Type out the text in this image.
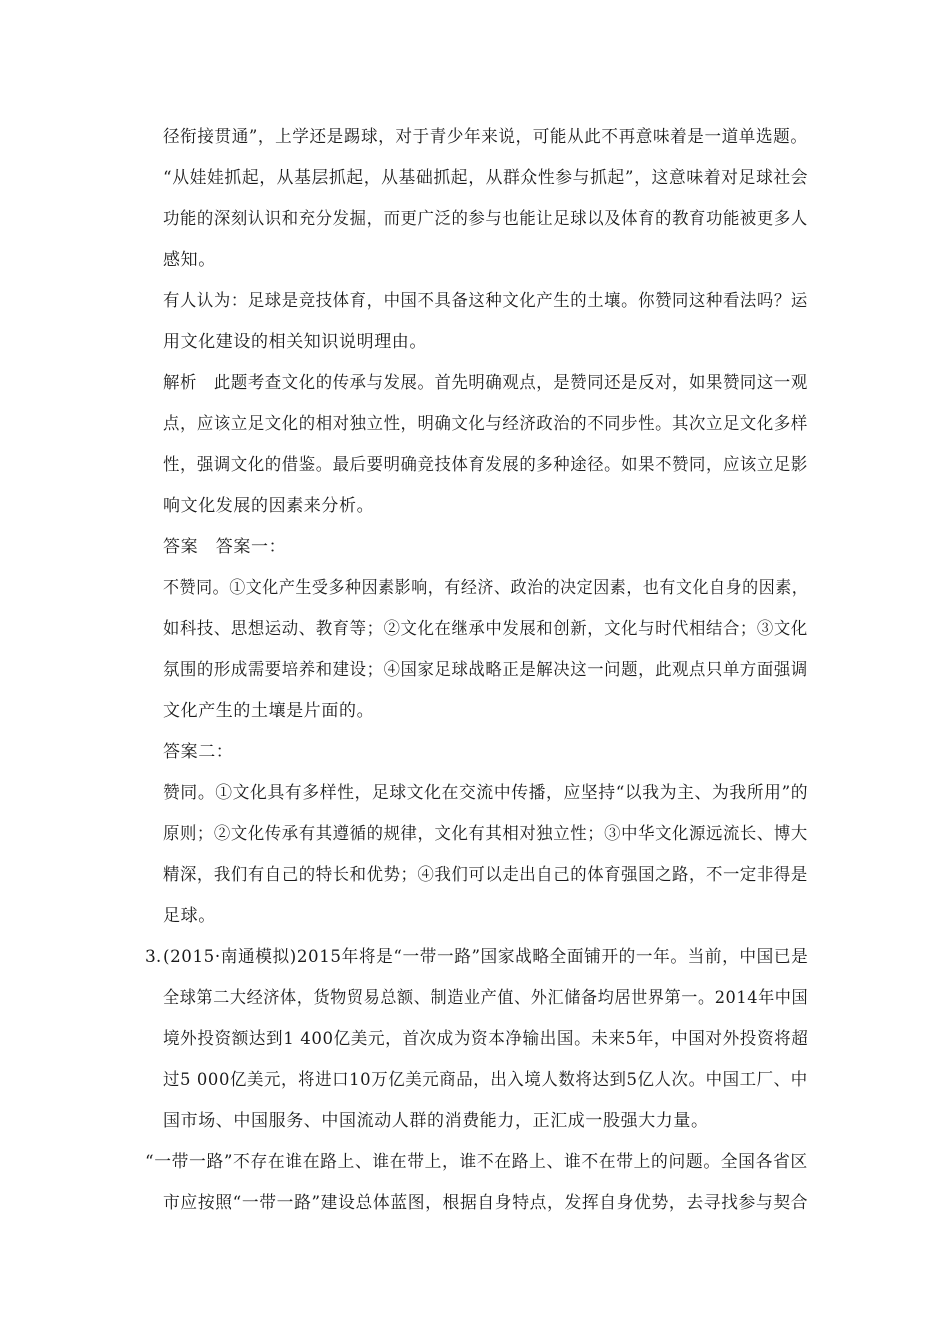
径衔接贯通”，上学还是踢球，对于青少年来说，可能从此不再意味着是一道单选题。
“从娃娃抓起，从基层抓起，从基础抓起，从群众性参与抓起”，这意味着对足球社会
功能的深刻认识和充分发掘，而更广泛的参与也能让足球以及体育的教育功能被更多人
感知。
有人认为：足球是竞技体育，中国不具备这种文化产生的土壤。你赞同这种看法吗？运
用文化建设的相关知识说明理由。
解析　此题考查文化的传承与发展。首先明确观点，是赞同还是反对，如果赞同这一观
点，应该立足文化的相对独立性，明确文化与经济政治的不同步性。其次立足文化多样
性，强调文化的借鉴。最后要明确竞技体育发展的多种途径。如果不赞同，应该立足影
响文化发展的因素来分析。
答案　答案一：
不赞同。①文化产生受多种因素影响，有经济、政治的决定因素，也有文化自身的因素，
如科技、思想运动、教育等；②文化在继承中发展和创新，文化与时代相结合；③文化
氛围的形成需要培养和建设；④国家足球战略正是解决这一问题，此观点只单方面强调
文化产生的土壤是片面的。
答案二：
赞同。①文化具有多样性，足球文化在交流中传播，应坚持“以我为主、为我所用”的
原则；②文化传承有其遵循的规律，文化有其相对独立性；③中华文化源远流长、博大
精深，我们有自己的特长和优势；④我们可以走出自己的体育强国之路，不一定非得是
足球。
3. (2015·南通模拟)2015年将是“一带一路”国家战略全面铺开的一年。当前，中国已是
全球第二大经济体，货物贸易总额、制造业产值、外汇储备均居世界第一。2014年中国
境外投资额达到1 400亿美元，首次成为资本净输出国。未来5年，中国对外投资将超
过5 000亿美元，将进口10万亿美元商品，出入境人数将达到5亿人次。中国工厂、中
国市场、中国服务、中国流动人群的消费能力，正汇成一股强大力量。
“一带一路”不存在谁在路上、谁在带上，谁不在路上、谁不在带上的问题。全国各省区
市应按照“一带一路”建设总体蓝图，根据自身特点，发挥自身优势，去寻找参与契合
